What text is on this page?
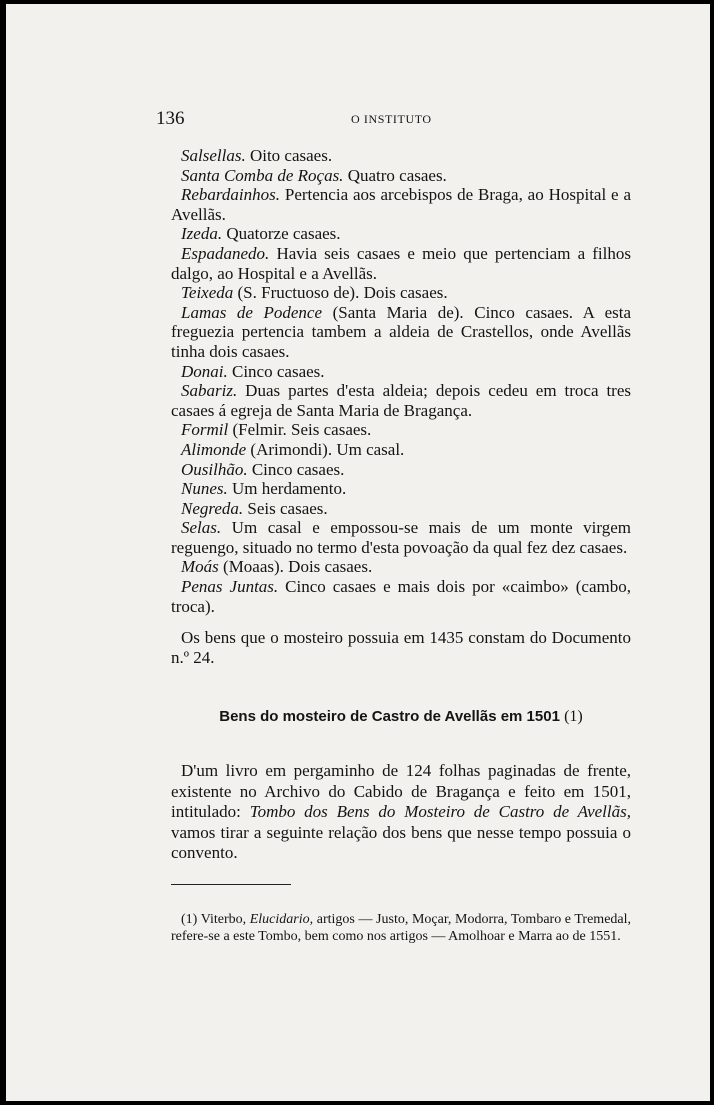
136	O INSTITUTO

Salsellas. Oito casaes.

Santa Comba de Roças. Quatro casaes.

Rebardainhos. Pertencia aos arcebispos de Braga, ao Hospital e a Avellãs.

Izeda. Quatorze casaes.

Espadanedo. Havia seis casaes e meio que pertenciam a filhos dalgo, ao Hospital e a Avellãs.

Teixeda (S. Fructuoso de). Dois casaes.

Lamas de Podence (Santa Maria de). Cinco casaes. A esta freguezia pertencia tambem a aldeia de Crastellos, onde Avellãs tinha dois casaes.

Donai. Cinco casaes.

Sabariz. Duas partes d'esta aldeia; depois cedeu em troca tres casaes á egreja de Santa Maria de Bragança.

Formil (Felmir. Seis casaes.

Alimonde (Arimondi). Um casal.

Ousilhão. Cinco casaes.

Nunes. Um herdamento.

Negreda. Seis casaes.

Selas. Um casal e empossou-se mais de um monte virgem reguengo, situado no termo d'esta povoação da qual fez dez casaes.

Moás (Moaas). Dois casaes.

Penas Juntas. Cinco casaes e mais dois por «caimbo» (cambo, troca).

Os bens que o mosteiro possuia em 1435 constam do Documento n.º 24.

Bens do mosteiro de Castro de Avellãs em 1501 (1)

D'um livro em pergaminho de 124 folhas paginadas de frente, existente no Archivo do Cabido de Bragança e feito em 1501, intitulado: Tombo dos Bens do Mosteiro de Castro de Avellãs, vamos tirar a seguinte relação dos bens que nesse tempo possuia o convento.

(1) Viterbo, Elucidario, artigos — Justo, Moçar, Modorra, Tombaro e Tremedal, refere-se a este Tombo, bem como nos artigos — Amolhoar e Marra ao de 1551.
